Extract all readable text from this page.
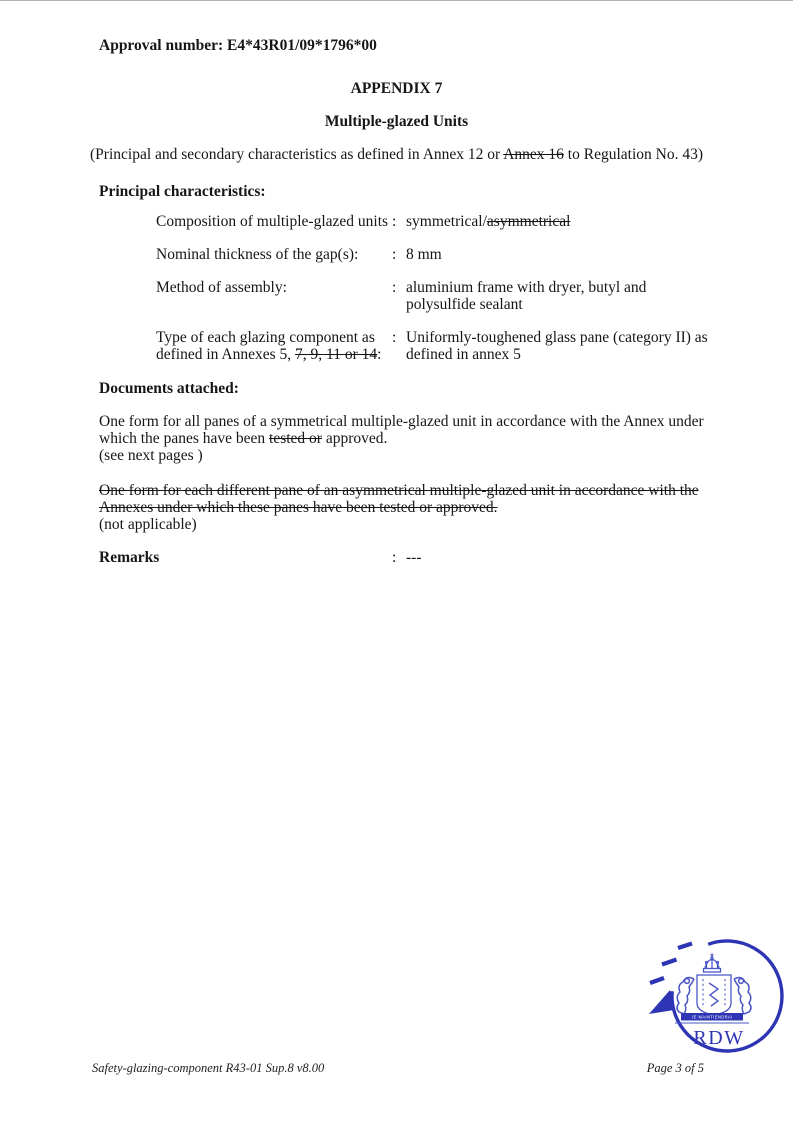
Approval number: E4*43R01/09*1796*00
APPENDIX 7
Multiple-glazed Units
(Principal and secondary characteristics as defined in Annex 12 or Annex 16 to Regulation No. 43)
Principal characteristics:
Composition of multiple-glazed units : symmetrical/asymmetrical
Nominal thickness of the gap(s):	: 8 mm
Method of assembly:	: aluminium frame with dryer, butyl and
polysulfide sealant
Type of each glazing component as
defined in Annexes 5, 7, 9, 11 or 14:
: Uniformly-toughened glass pane (category II) as
defined in annex 5
Documents attached:
One form for all panes of a symmetrical multiple-glazed unit in accordance with the Annex under
which the panes have been tested or approved.
(see next pages )
One form for each different pane of an asymmetrical multiple-glazed unit in accordance with the
Annexes under which these panes have been tested or approved.
(not applicable)
Remarks	: ---
JE MAINTIENDRAI
RDW
Safety-glazing-component R43-01 Sup.8 v8.00	Page 3 of 5
